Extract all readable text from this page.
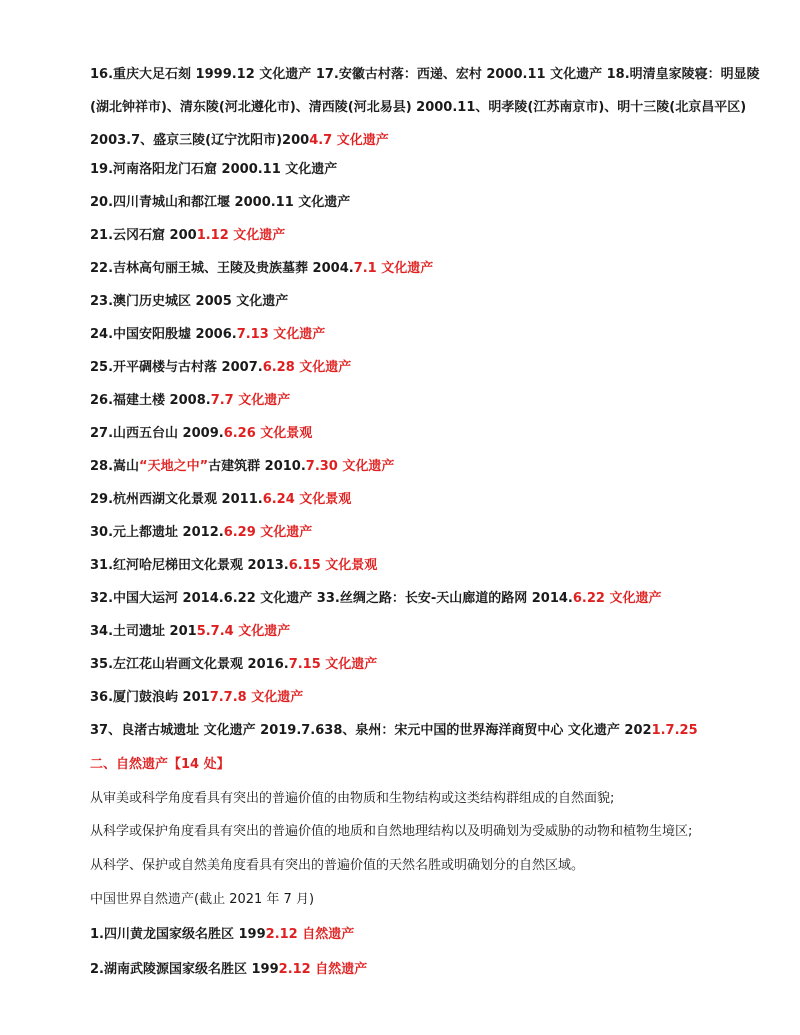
16.重庆大足石刻 1999.12 文化遗产 17.安徽古村落：西递、宏村 2000.11 文化遗产 18.明清皇家陵寝：明显陵(湖北钟祥市)、清东陵(河北遵化市)、清西陵(河北易县) 2000.11、明孝陵(江苏南京市)、明十三陵(北京昌平区) 2003.7、盛京三陵(辽宁沈阳市)2004.7 文化遗产
19.河南洛阳龙门石窟 2000.11 文化遗产
20.四川青城山和都江堰 2000.11 文化遗产
21.云冈石窟 2001.12 文化遗产
22.吉林高句丽王城、王陵及贵族墓葬 2004.7.1 文化遗产
23.澳门历史城区 2005 文化遗产
24.中国安阳殷墟 2006.7.13 文化遗产
25.开平碉楼与古村落 2007.6.28 文化遗产
26.福建土楼 2008.7.7 文化遗产
27.山西五台山 2009.6.26 文化景观
28.嵩山“天地之中”古建筑群 2010.7.30 文化遗产
29.杭州西湖文化景观 2011.6.24 文化景观
30.元上都遗址 2012.6.29 文化遗产
31.红河哈尼梯田文化景观 2013.6.15 文化景观
32.中国大运河 2014.6.22 文化遗产 33.丝绸之路：长安-天山廊道的路网 2014.6.22 文化遗产
34.土司遗址 2015.7.4 文化遗产
35.左江花山岩画文化景观 2016.7.15 文化遗产
36.厦门鼓浪屿 2017.7.8 文化遗产
37、良渚古城遗址 文化遗产 2019.7.638、泉州：宋元中国的世界海洋商贸中心 文化遗产 2021.7.25
二、自然遗产【14 处】
从审美或科学角度看具有突出的普遍价值的由物质和生物结构或这类结构群组成的自然面貌;
从科学或保护角度看具有突出的普遍价值的地质和自然地理结构以及明确划为受威胁的动物和植物生境区;
从科学、保护或自然美角度看具有突出的普遍价值的天然名胜或明确划分的自然区域。
中国世界自然遗产(截止 2021 年 7 月)
1.四川黄龙国家级名胜区 1992.12 自然遗产
2.湖南武陵源国家级名胜区 1992.12 自然遗产
